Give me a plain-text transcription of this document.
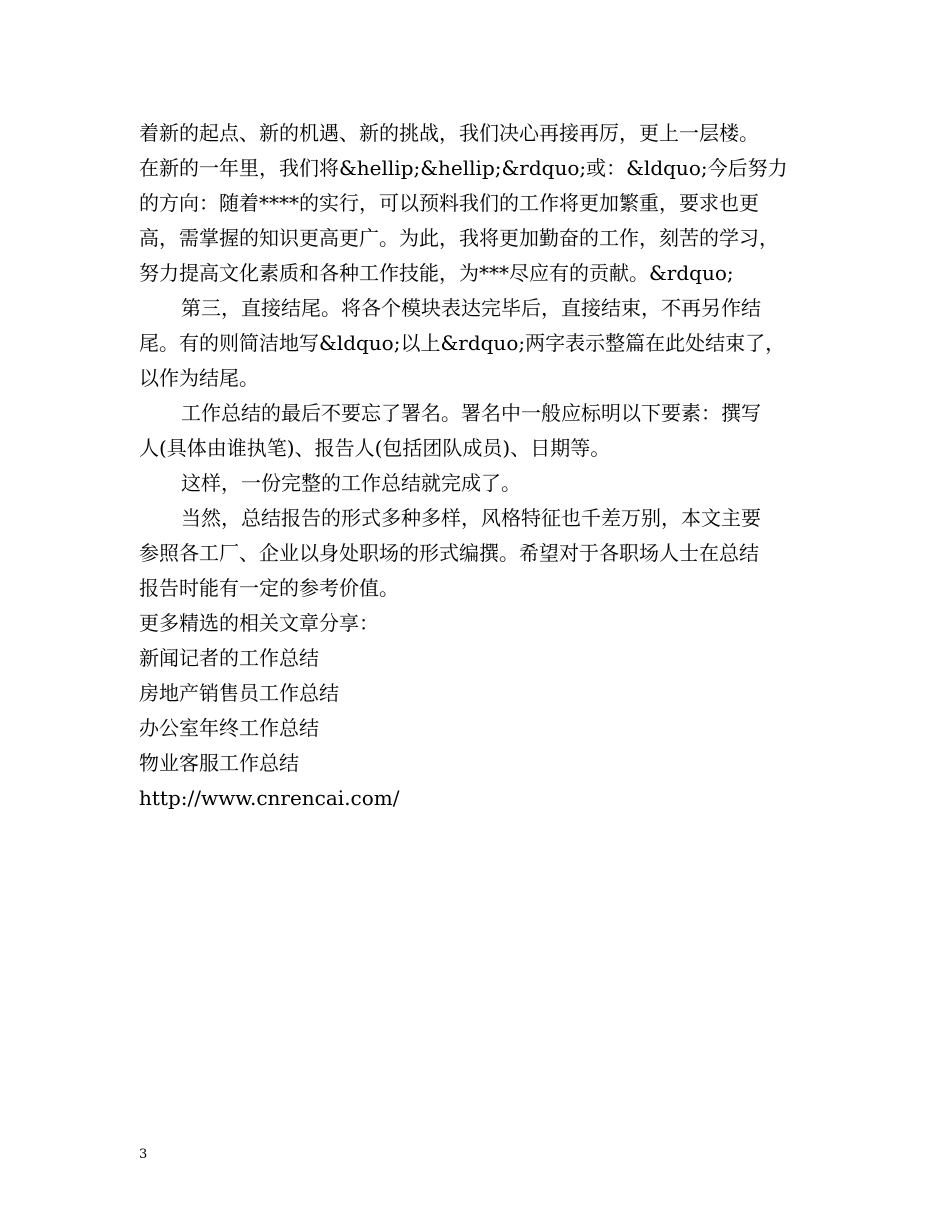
着新的起点、新的机遇、新的挑战，我们决心再接再厉，更上一层楼。

在新的一年里，我们将&hellip;&hellip;&rdquo;或：&ldquo;今后努力

的方向：随着****的实行，可以预料我们的工作将更加繁重，要求也更

高，需掌握的知识更高更广。为此，我将更加勤奋的工作，刻苦的学习，

努力提高文化素质和各种工作技能，为***尽应有的贡献。&rdquo;

第三，直接结尾。将各个模块表达完毕后，直接结束，不再另作结

尾。有的则简洁地写&ldquo;以上&rdquo;两字表示整篇在此处结束了，

以作为结尾。

工作总结的最后不要忘了署名。署名中一般应标明以下要素：撰写

人(具体由谁执笔)、报告人(包括团队成员)、日期等。

这样，一份完整的工作总结就完成了。

当然，总结报告的形式多种多样，风格特征也千差万别，本文主要

参照各工厂、企业以身处职场的形式编撰。希望对于各职场人士在总结

报告时能有一定的参考价值。

更多精选的相关文章分享：

新闻记者的工作总结

房地产销售员工作总结

办公室年终工作总结

物业客服工作总结

http://www.cnrencai.com/

3
